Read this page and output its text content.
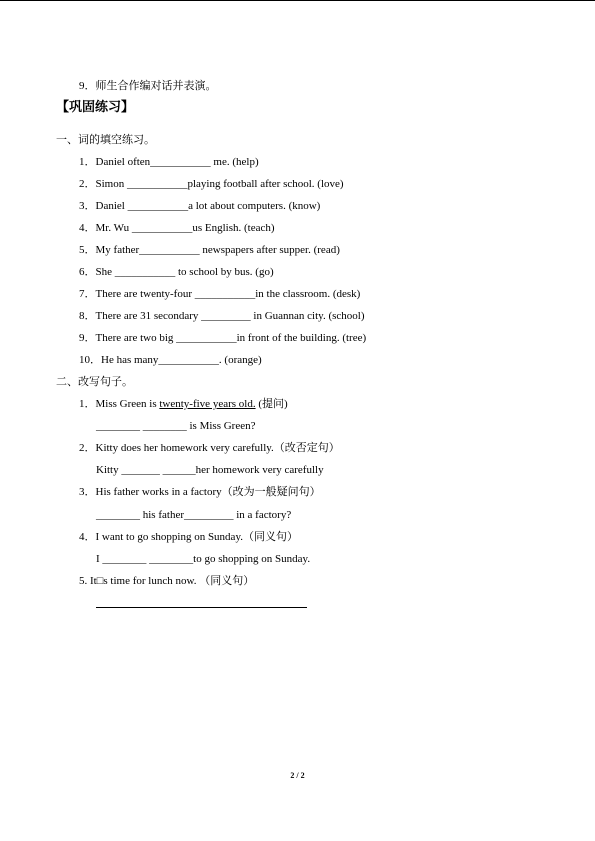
9．师生合作编对话并表演。
【巩固练习】
一、词的填空练习。
1．Daniel often___________ me. (help)
2．Simon ___________playing football after school. (love)
3．Daniel ___________a lot about computers. (know)
4．Mr. Wu ___________us English. (teach)
5．My father___________ newspapers after supper. (read)
6．She ___________ to school by bus. (go)
7．There are twenty-four ___________in the classroom. (desk)
8．There are 31 secondary _________ in Guannan city. (school)
9．There are two big ___________in front of the building. (tree)
10．He has many___________. (orange)
二、改写句子。
1．Miss Green is twenty-five years old. (提问)
________ ________ is Miss Green?
2．Kitty does her homework very carefully.（改否定句）
Kitty _______ ______her homework very carefully
3．His father works in a factory（改为一般疑问句）
________ his father_________ in a factory?
4．I want to go shopping on Sunday.（同义句）
I ________ ________to go shopping on Sunday.
5. It□s time for lunch now. （同义句）
2 / 2
